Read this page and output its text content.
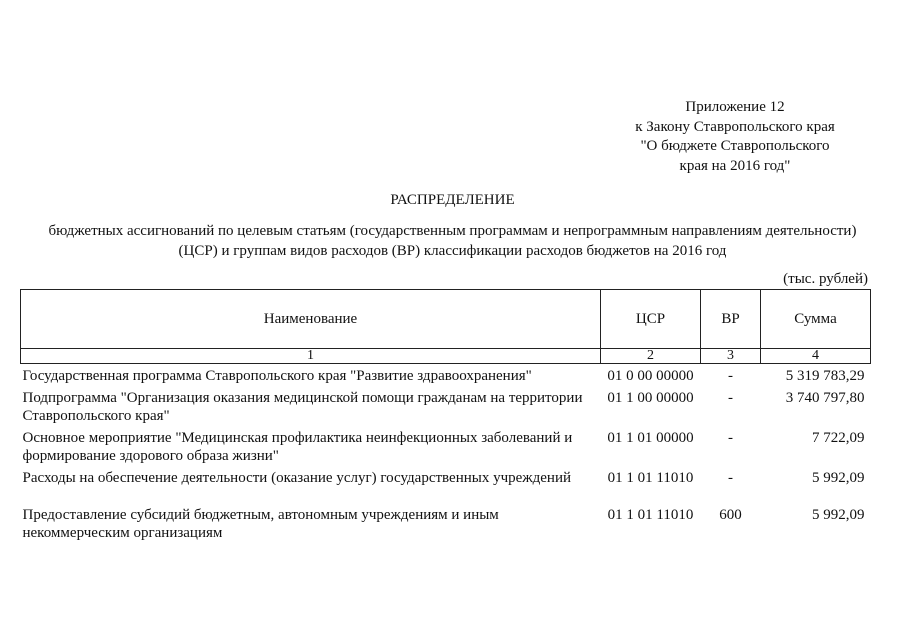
Приложение 12
к Закону Ставропольского края
"О бюджете Ставропольского
края на 2016 год"
РАСПРЕДЕЛЕНИЕ
бюджетных ассигнований по целевым статьям (государственным программам и непрограммным направлениям деятельности)
(ЦСР) и группам видов расходов (ВР) классификации расходов бюджетов на 2016 год
(тыс. рублей)
Наименование	ЦСР	ВР	Сумма
1	2	3	4
Государственная программа Ставропольского края "Развитие здравоохранения"	01 0 00 00000	-	5 319 783,29
Подпрограмма "Организация оказания медицинской помощи гражданам на территории Ставропольского края"	01 1 00 00000	-	3 740 797,80
Основное мероприятие "Медицинская профилактика неинфекционных заболеваний и формирование здорового образа жизни"	01 1 01 00000	-	7 722,09
Расходы на обеспечение деятельности (оказание услуг) государственных учреждений	01 1 01 11010	-	5 992,09
Предоставление субсидий бюджетным, автономным учреждениям и иным некоммерческим организациям	01 1 01 11010	600	5 992,09
